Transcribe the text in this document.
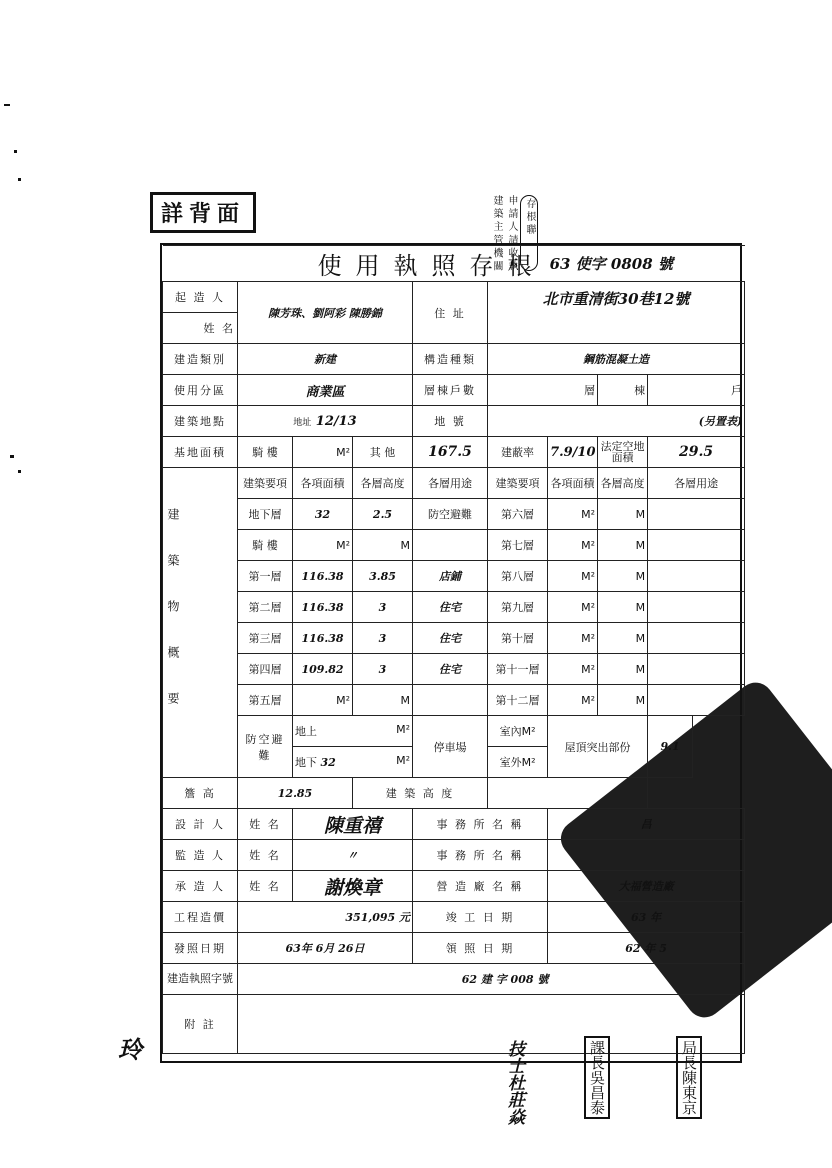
詳背面	建 築 主 管 機 關 申 請 人 請 收 執 存 根 聯
玲
使用執照存根						63 使字 0808 號		
起 造 人	陳芳珠、劉阿彩 陳勝錦			住 址	北市重清街30巷12號			
姓 名								
建造類別	新建			構造種類	鋼筋混凝土造			
使用分區	商業區			層棟戶數	層		棟	戶
建築地點	地址 12/13			地 號	(另置表)			
基地面積	騎 樓	M²	其 他	167.5	建蔽率	7.9/10	法定空地面積	29.5

建築物概要	建築要項	各項面積	各層高度	各層用途	建築要項	各項面積	各層高度	各層用途
	地下層	32	2.5	防空避難	第六層	M²	M	
	騎 樓	M²	M		第七層	M²	M	
	第一層	116.38	3.85	店鋪	第八層	M²	M	
	第二層	116.38	3	住宅	第九層	M²	M	
	第三層	116.38	3	住宅	第十層	M²	M	
	第四層	109.82	3	住宅	第十一層	M²	M	
	第五層	M²	M		第十二層	M²	M	
	防空避難	地上 M²		停車場	室內M²	屋頂突出部份		9.1
		地下 32 M²			室外M²			
簷 高	12.85		建 築 高 度					
設 計 人	姓 名	陳重禧		事 務 所 名 稱		昌		
監 造 人	姓 名	〃		事 務 所 名 稱				
承 造 人	姓 名	謝煥章		營 造 廠 名 稱		大福營造廠		
工程造價	351,095 元			竣 工 日 期		63 年		
發照日期	63年 6月 26日			領 照 日 期		62 年 5		
建造執照字號	62 建 字 008 號							
附 註								
技士杜莊焱	課長吳昌泰	局長陳東京
